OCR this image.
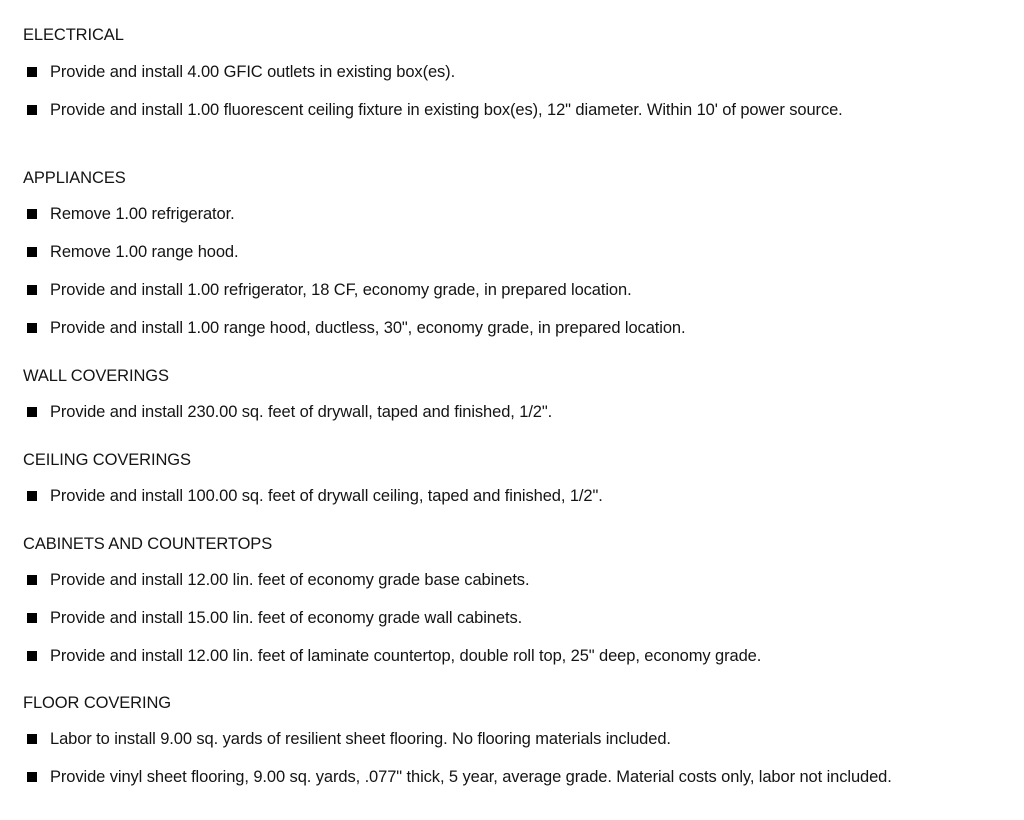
ELECTRICAL
Provide and install 4.00 GFIC outlets in existing box(es).
Provide and install 1.00 fluorescent ceiling fixture in existing box(es), 12" diameter. Within 10' of power source.
APPLIANCES
Remove 1.00 refrigerator.
Remove 1.00 range hood.
Provide and install 1.00 refrigerator, 18 CF, economy grade, in prepared location.
Provide and install 1.00 range hood, ductless, 30", economy grade, in prepared location.
WALL COVERINGS
Provide and install 230.00 sq. feet of drywall, taped and finished, 1/2".
CEILING COVERINGS
Provide and install 100.00 sq. feet of drywall ceiling, taped and finished, 1/2".
CABINETS AND COUNTERTOPS
Provide and install 12.00 lin. feet of economy grade base cabinets.
Provide and install 15.00 lin. feet of economy grade wall cabinets.
Provide and install 12.00 lin. feet of laminate countertop, double roll top, 25" deep, economy grade.
FLOOR COVERING
Labor to install 9.00 sq. yards of resilient sheet flooring. No flooring materials included.
Provide vinyl sheet flooring, 9.00 sq. yards, .077" thick, 5 year, average grade. Material costs only, labor not included.
